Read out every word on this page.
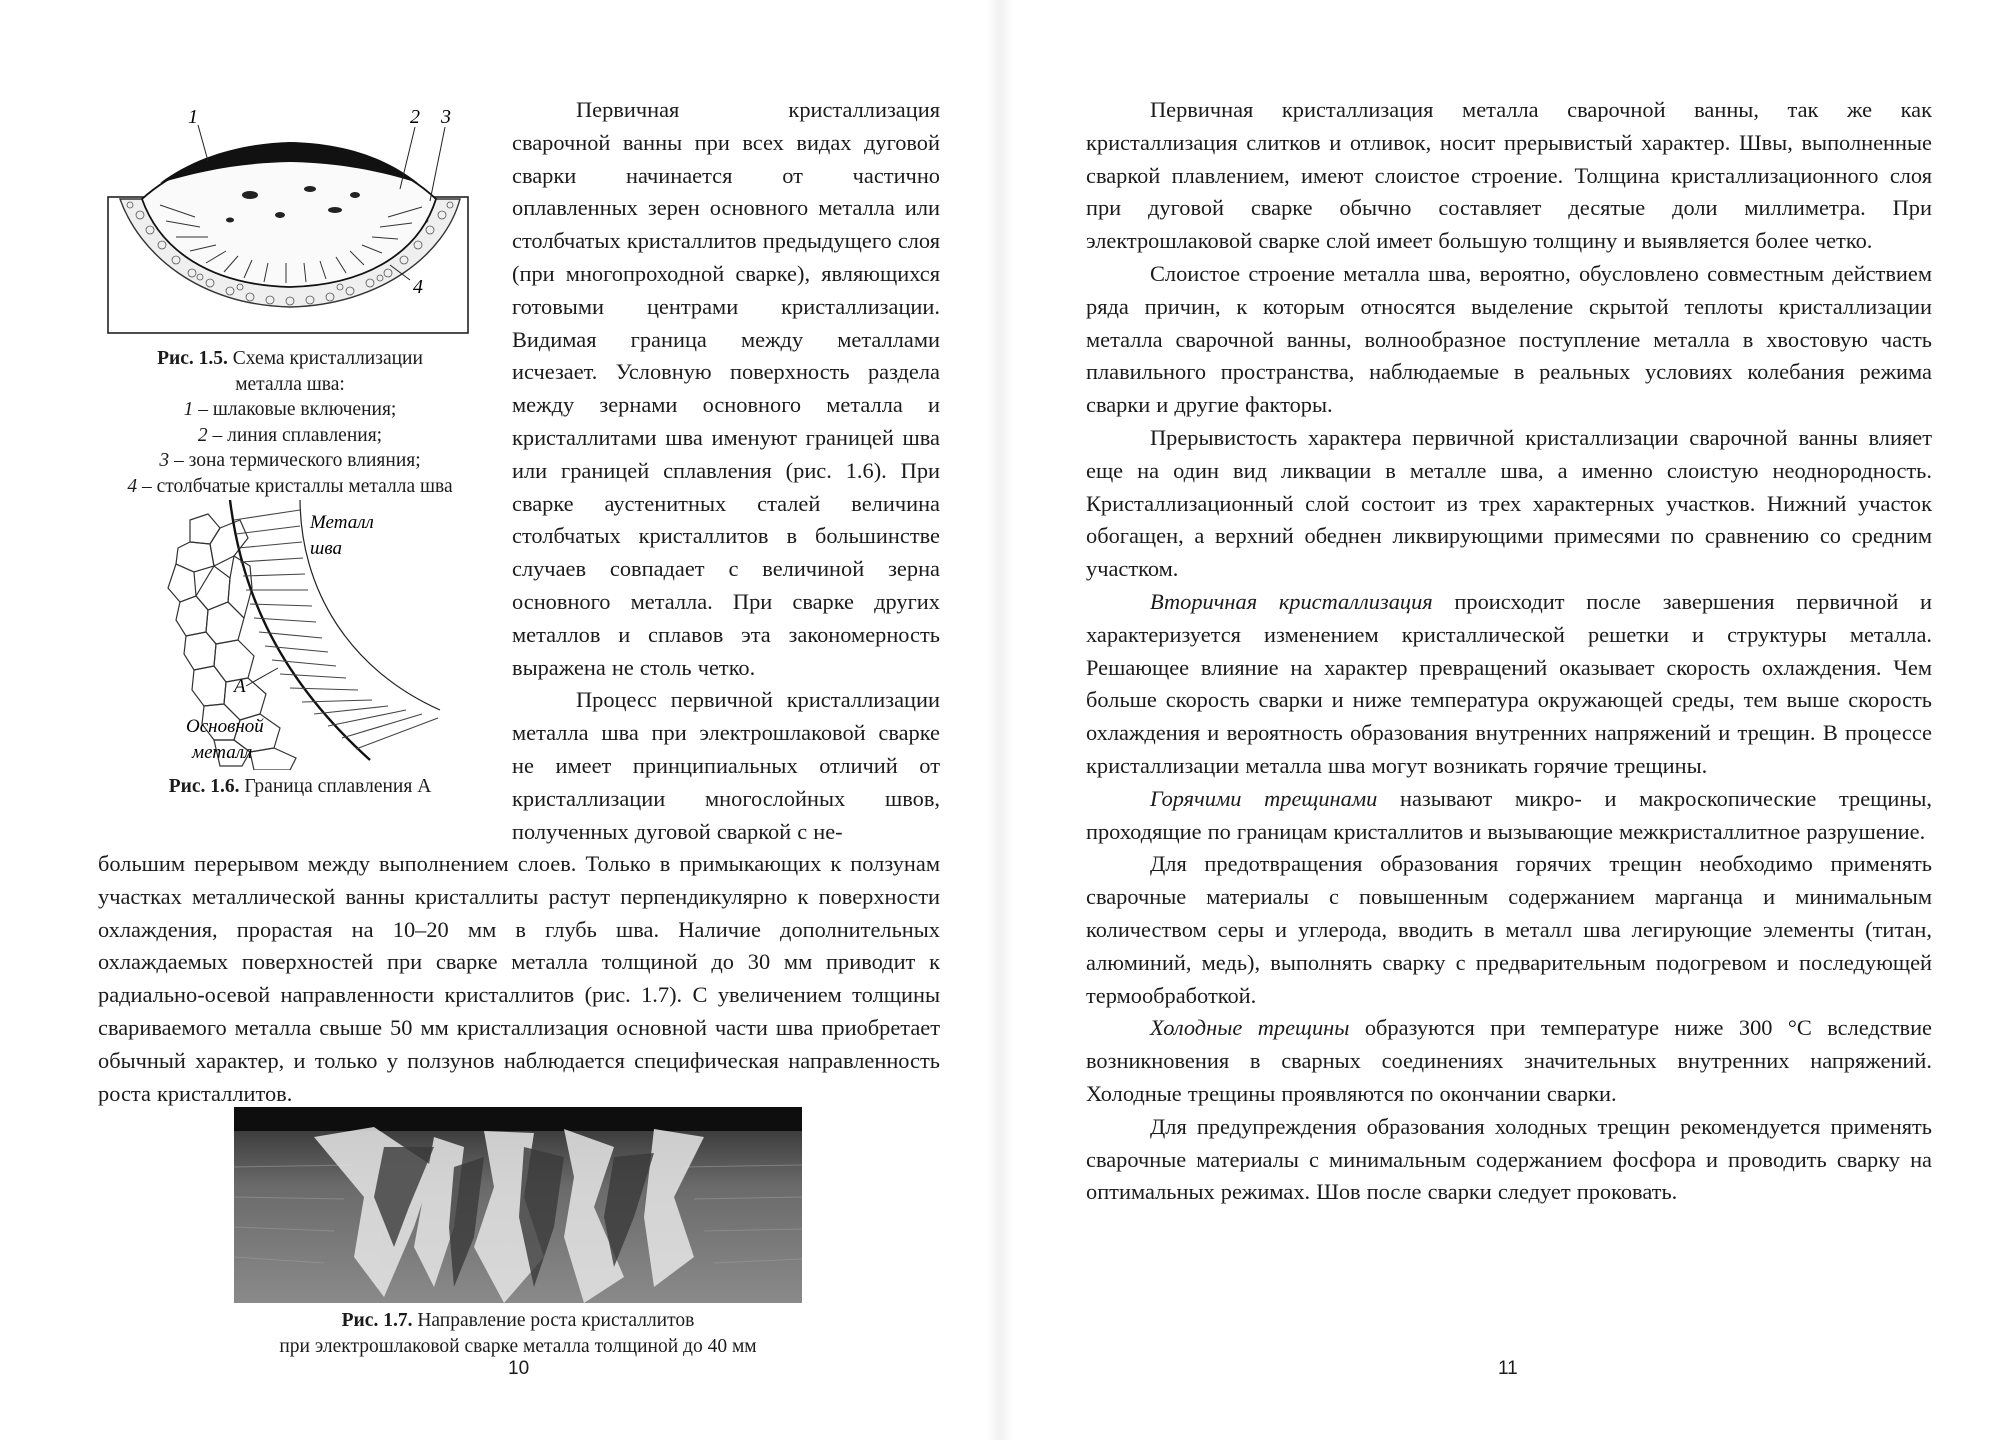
1	2 3
4
Рис. 1.5. Схема кристаллизации
металла шва:
1 – шлаковые включения;
2 – линия сплавления;
3 – зона термического влияния;
4 – столбчатые кристаллы металла шва
Металл
шва
А
Основной
металл
Рис. 1.6. Граница сплавления А

Первичная кристаллизация сварочной ванны при всех видах дуговой сварки начинается от частично оплавленных зерен основного металла или столбчатых кристаллитов предыдущего слоя (при многопроходной сварке), являющихся готовыми центрами кристаллизации. Видимая граница между металлами исчезает. Условную поверхность раздела между зернами основного металла и кристаллитами шва именуют границей шва или границей сплавления (рис. 1.6). При сварке аустенитных сталей величина столбчатых кристаллитов в большинстве случаев совпадает с величиной зерна основного металла. При сварке других металлов и сплавов эта закономерность выражена не столь четко.

Процесс первичной кристаллизации металла шва при электрошлаковой сварке не имеет принципиальных отличий от кристаллизации многослойных швов, полученных дуговой сваркой с не-

большим перерывом между выполнением слоев. Только в примыкающих к ползунам участках металлической ванны кристаллиты растут перпендикулярно к поверхности охлаждения, прорастая на 10–20 мм в глубь шва. Наличие дополнительных охлаждаемых поверхностей при сварке металла толщиной до 30 мм приводит к радиально-осевой направленности кристаллитов (рис. 1.7). С увеличением толщины свариваемого металла свыше 50 мм кристаллизация основной части шва приобретает обычный характер, и только у ползунов наблюдается специфическая направленность роста кристаллитов.
Рис. 1.7. Направление роста кристаллитов
при электрошлаковой сварке металла толщиной до 40 мм
10

Первичная кристаллизация металла сварочной ванны, так же как кристаллизация слитков и отливок, носит прерывистый характер. Швы, выполненные сваркой плавлением, имеют слоистое строение. Толщина кристаллизационного слоя при дуговой сварке обычно составляет десятые доли миллиметра. При электрошлаковой сварке слой имеет большую толщину и выявляется более четко.

Слоистое строение металла шва, вероятно, обусловлено совместным действием ряда причин, к которым относятся выделение скрытой теплоты кристаллизации металла сварочной ванны, волнообразное поступление металла в хвостовую часть плавильного пространства, наблюдаемые в реальных условиях колебания режима сварки и другие факторы.

Прерывистость характера первичной кристаллизации сварочной ванны влияет еще на один вид ликвации в металле шва, а именно слоистую неоднородность. Кристаллизационный слой состоит из трех характерных участков. Нижний участок обогащен, а верхний обеднен ликвирующими примесями по сравнению со средним участком.

Вторичная кристаллизация происходит после завершения первичной и характеризуется изменением кристаллической решетки и структуры металла. Решающее влияние на характер превращений оказывает скорость охлаждения. Чем больше скорость сварки и ниже температура окружающей среды, тем выше скорость охлаждения и вероятность образования внутренних напряжений и трещин. В процессе кристаллизации металла шва могут возникать горячие трещины.

Горячими трещинами называют микро- и макроскопические трещины, проходящие по границам кристаллитов и вызывающие межкристаллитное разрушение.

Для предотвращения образования горячих трещин необходимо применять сварочные материалы с повышенным содержанием марганца и минимальным количеством серы и углерода, вводить в металл шва легирующие элементы (титан, алюминий, медь), выполнять сварку с предварительным подогревом и последующей термообработкой.

Холодные трещины образуются при температуре ниже 300 °С вследствие возникновения в сварных соединениях значительных внутренних напряжений. Холодные трещины проявляются по окончании сварки.

Для предупреждения образования холодных трещин рекомендуется применять сварочные материалы с минимальным содержанием фосфора и проводить сварку на оптимальных режимах. Шов после сварки следует проковать.

11
